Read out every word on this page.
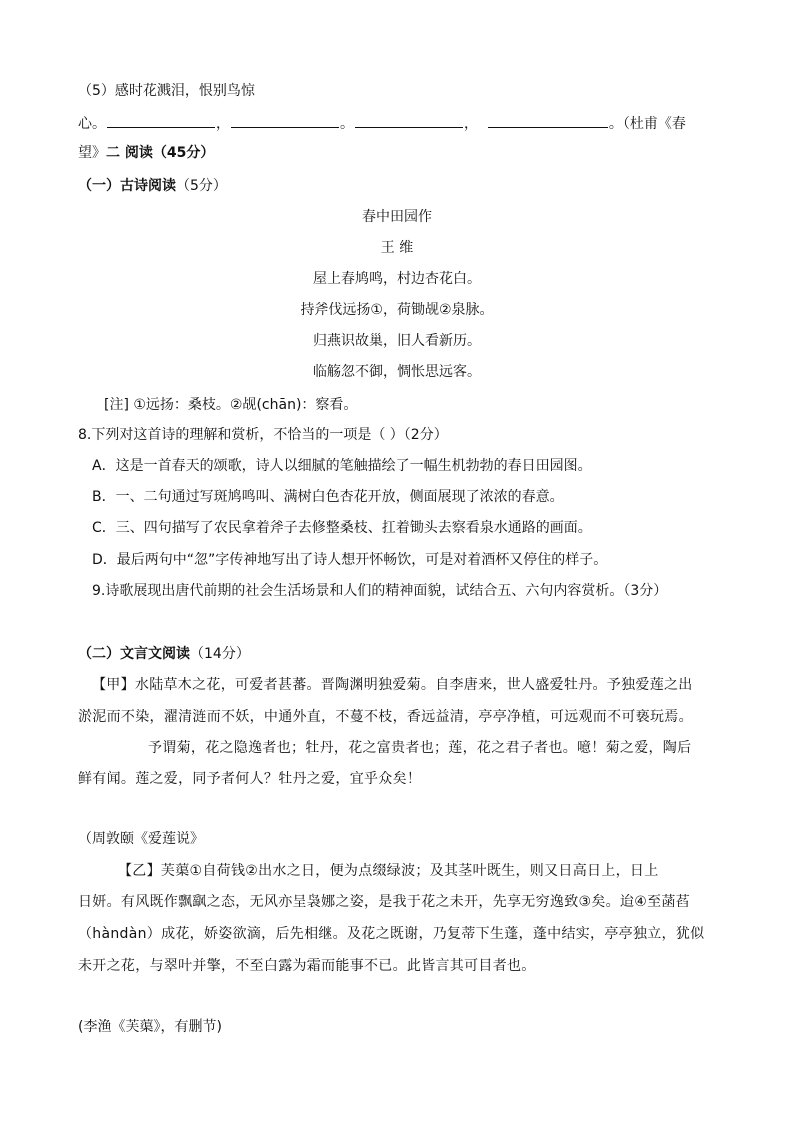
（5）感时花溅泪，恨别鸟惊
心。	，	。	，	。（杜甫《春
望》二 阅读（45分）
（一）古诗阅读（5分）
春中田园作
王 维
屋上春鸠鸣，村边杏花白。
持斧伐远扬①，荷锄觇②泉脉。
归燕识故巢，旧人看新历。
临觞忽不御，惆怅思远客。
[注] ①远扬：桑枝。②觇(chān)：察看。
8.下列对这首诗的理解和赏析，不恰当的一项是（ ）（2分）
A．这是一首春天的颂歌，诗人以细腻的笔触描绘了一幅生机勃勃的春日田园图。
B．一、二句通过写斑鸠鸣叫、满树白色杏花开放，侧面展现了浓浓的春意。
C．三、四句描写了农民拿着斧子去修整桑枝、扛着锄头去察看泉水通路的画面。
D．最后两句中“忽”字传神地写出了诗人想开怀畅饮，可是对着酒杯又停住的样子。
9.诗歌展现出唐代前期的社会生活场景和人们的精神面貌，试结合五、六句内容赏析。（3分）
（二）文言文阅读（14分）
【甲】水陆草木之花，可爱者甚蕃。晋陶渊明独爱菊。自李唐来，世人盛爱牡丹。予独爱莲之出
淤泥而不染，濯清涟而不妖，中通外直，不蔓不枝，香远益清，亭亭净植，可远观而不可亵玩焉。
予谓菊，花之隐逸者也；牡丹，花之富贵者也；莲，花之君子者也。噫！菊之爱，陶后
鲜有闻。莲之爱，同予者何人？牡丹之爱，宜乎众矣！
（周敦颐《爱莲说》
【乙】芙蕖①自荷钱②出水之日，便为点缀绿波；及其茎叶既生，则又日高日上，日上
日妍。有风既作飘飖之态，无风亦呈袅娜之姿，是我于花之未开，先享无穷逸致③矣。迨④至菡萏
（hàndàn）成花，娇姿欲滴，后先相继。及花之既谢，乃复蒂下生蓬，蓬中结实，亭亭独立，犹似
未开之花，与翠叶并擎，不至白露为霜而能事不已。此皆言其可目者也。
(李渔《芙蕖》，有删节)
